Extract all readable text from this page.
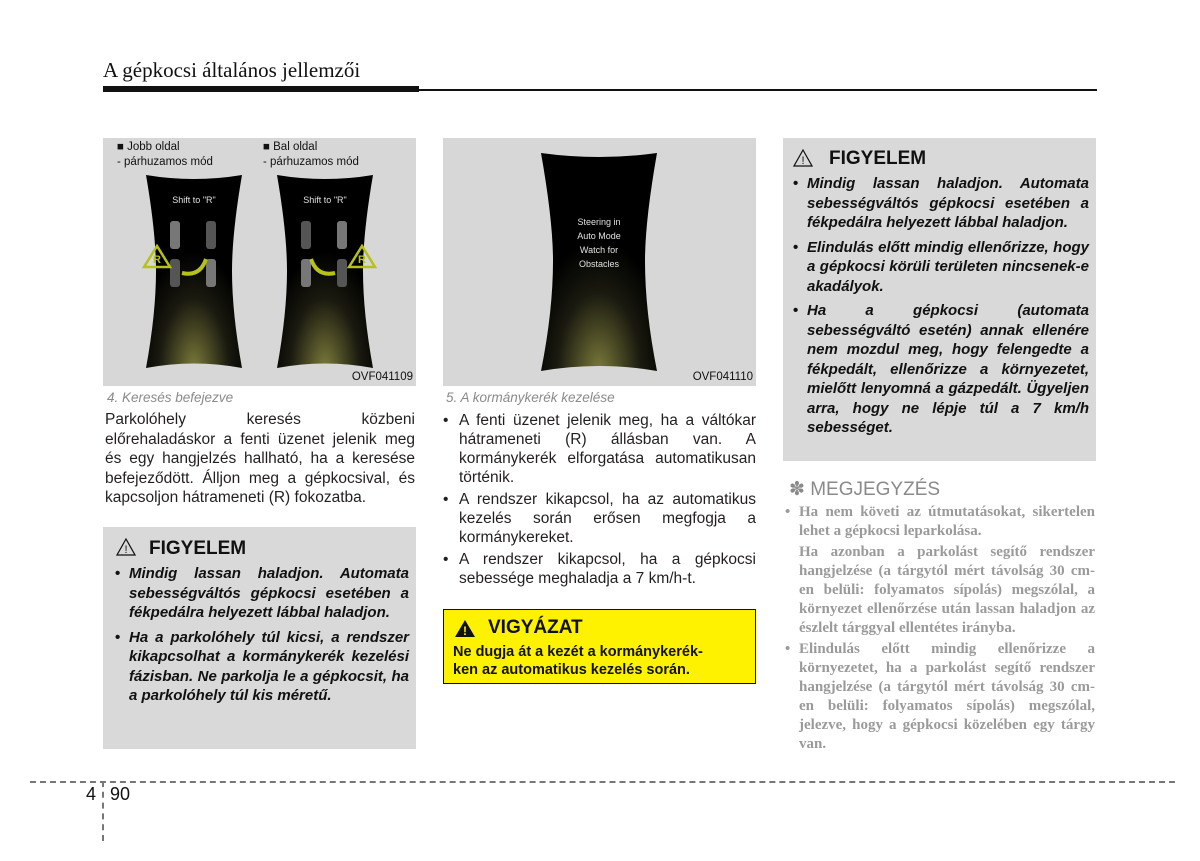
A gépkocsi általános jellemzői
■ Jobb oldal
- párhuzamos mód
■ Bal oldal
- párhuzamos mód
Shift to "R"
R
Shift to "R"
R
OVF041109
4. Keresés befejezve
Parkolóhely keresés közbeni előrehaladáskor a fenti üzenet jelenik meg és egy hangjelzés hallható, ha a keresése befejeződött. Álljon meg a gépkocsival, és kapcsoljon hátrameneti (R) fokozatba.
! FIGYELEM
• Mindig lassan haladjon. Automata sebességváltós gépkocsi esetében a fékpedálra helyezett lábbal haladjon.
• Ha a parkolóhely túl kicsi, a rendszer kikapcsolhat a kormánykerék kezelési fázisban. Ne parkolja le a gépkocsit, ha a parkolóhely túl kis méretű.
Steering in
Auto Mode
Watch for
Obstacles
OVF041110
5. A kormánykerék kezelése
• A fenti üzenet jelenik meg, ha a váltókar hátrameneti (R) állásban van. A kormánykerék elforgatása automatikusan történik.
• A rendszer kikapcsol, ha az automatikus kezelés során erősen megfogja a kormánykereket.
• A rendszer kikapcsol, ha a gépkocsi sebessége meghaladja a 7 km/h-t.
! VIGYÁZAT
Ne dugja át a kezét a kormánykerék-
ken az automatikus kezelés során.
! FIGYELEM
• Mindig lassan haladjon. Automata sebességváltós gépkocsi esetében a fékpedálra helyezett lábbal haladjon.
• Elindulás előtt mindig ellenőrizze, hogy a gépkocsi körüli területen nincsenek-e akadályok.
• Ha a gépkocsi (automata sebességváltó esetén) annak ellenére nem mozdul meg, hogy felengedte a fékpedált, ellenőrizze a környezetet, mielőtt lenyomná a gázpedált. Ügyeljen arra, hogy ne lépje túl a 7 km/h sebességet.
✽ MEGJEGYZÉS
• Ha nem követi az útmutatásokat, sikertelen lehet a gépkocsi leparkolása.
Ha azonban a parkolást segítő rendszer hangjelzése (a tárgytól mért távolság 30 cm-en belüli: folyamatos sípolás) megszólal, a környezet ellenőrzése után lassan haladjon az észlelt tárggyal ellentétes irányba.
• Elindulás előtt mindig ellenőrizze a környezetet, ha a parkolást segítő rendszer hangjelzése (a tárgytól mért távolság 30 cm-en belüli: folyamatos sípolás) megszólal, jelezve, hogy a gépkocsi közelében egy tárgy van.
4 90
